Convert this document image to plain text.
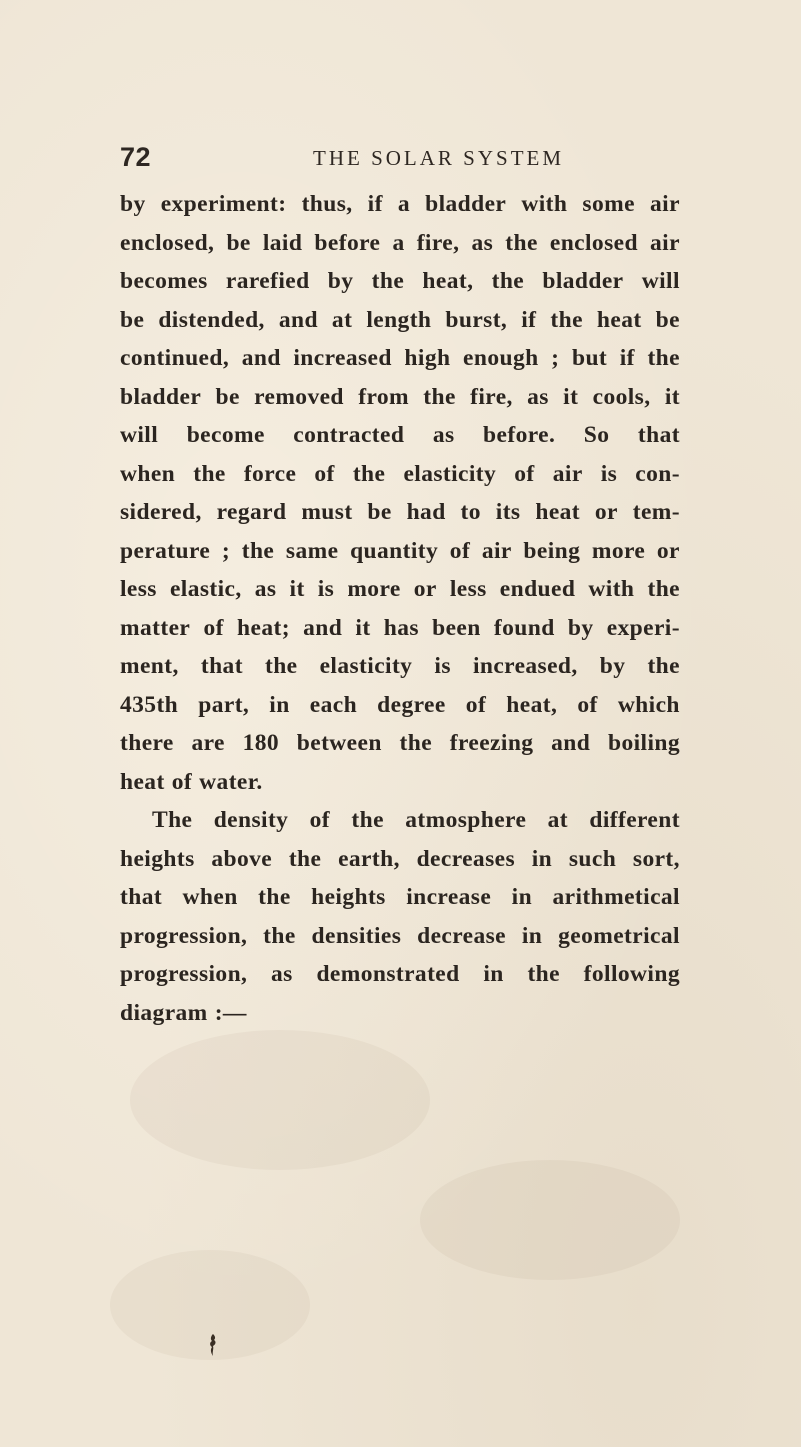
72	THE SOLAR SYSTEM
by experiment: thus, if a bladder with some air
enclosed, be laid before a fire, as the enclosed air
becomes rarefied by the heat, the bladder will
be distended, and at length burst, if the heat be
continued, and increased high enough ; but if the
bladder be removed from the fire, as it cools, it
will become contracted as before. So that
when the force of the elasticity of air is con-
sidered, regard must be had to its heat or tem-
perature ; the same quantity of air being more or
less elastic, as it is more or less endued with the
matter of heat; and it has been found by experi-
ment, that the elasticity is increased, by the
435th part, in each degree of heat, of which
there are 180 between the freezing and boiling
heat of water.
The density of the atmosphere at different
heights above the earth, decreases in such sort,
that when the heights increase in arithmetical
progression, the densities decrease in geometrical
progression, as demonstrated in the following
diagram :—
